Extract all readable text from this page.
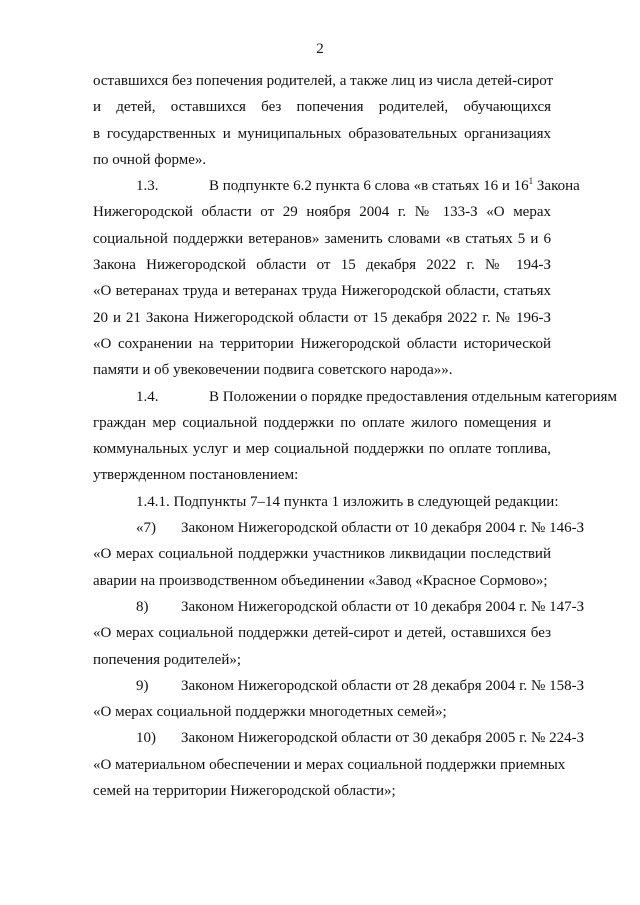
2
оставшихся без попечения родителей, а также лиц из числа детей-сирот
и детей, оставшихся без попечения родителей, обучающихся
в государственных и муниципальных образовательных организациях
по очной форме».
1.3.	В подпункте 6.2 пункта 6 слова «в статьях 16 и $16^1$ Закона
Нижегородской области от 29 ноября 2004 г. № 133-З «О мерах
социальной поддержки ветеранов» заменить словами «в статьях 5 и 6
Закона Нижегородской области от 15 декабря 2022 г. № 194-З
«О ветеранах труда и ветеранах труда Нижегородской области, статьях
20 и 21 Закона Нижегородской области от 15 декабря 2022 г. № 196-З
«О сохранении на территории Нижегородской области исторической
памяти и об увековечении подвига советского народа»».
1.4.	В Положении о порядке предоставления отдельным категориям
граждан мер социальной поддержки по оплате жилого помещения и
коммунальных услуг и мер социальной поддержки по оплате топлива,
утвержденном постановлением:
1.4.1. Подпункты 7–14 пункта 1 изложить в следующей редакции:
«7) Законом Нижегородской области от 10 декабря 2004 г. № 146-З
«О мерах социальной поддержки участников ликвидации последствий
аварии на производственном объединении «Завод «Красное Сормово»;
8) Законом Нижегородской области от 10 декабря 2004 г. № 147-З
«О мерах социальной поддержки детей-сирот и детей, оставшихся без
попечения родителей»;
9) Законом Нижегородской области от 28 декабря 2004 г. № 158-З
«О мерах социальной поддержки многодетных семей»;
10) Законом Нижегородской области от 30 декабря 2005 г. № 224-З
«О материальном обеспечении и мерах социальной поддержки приемных
семей на территории Нижегородской области»;
